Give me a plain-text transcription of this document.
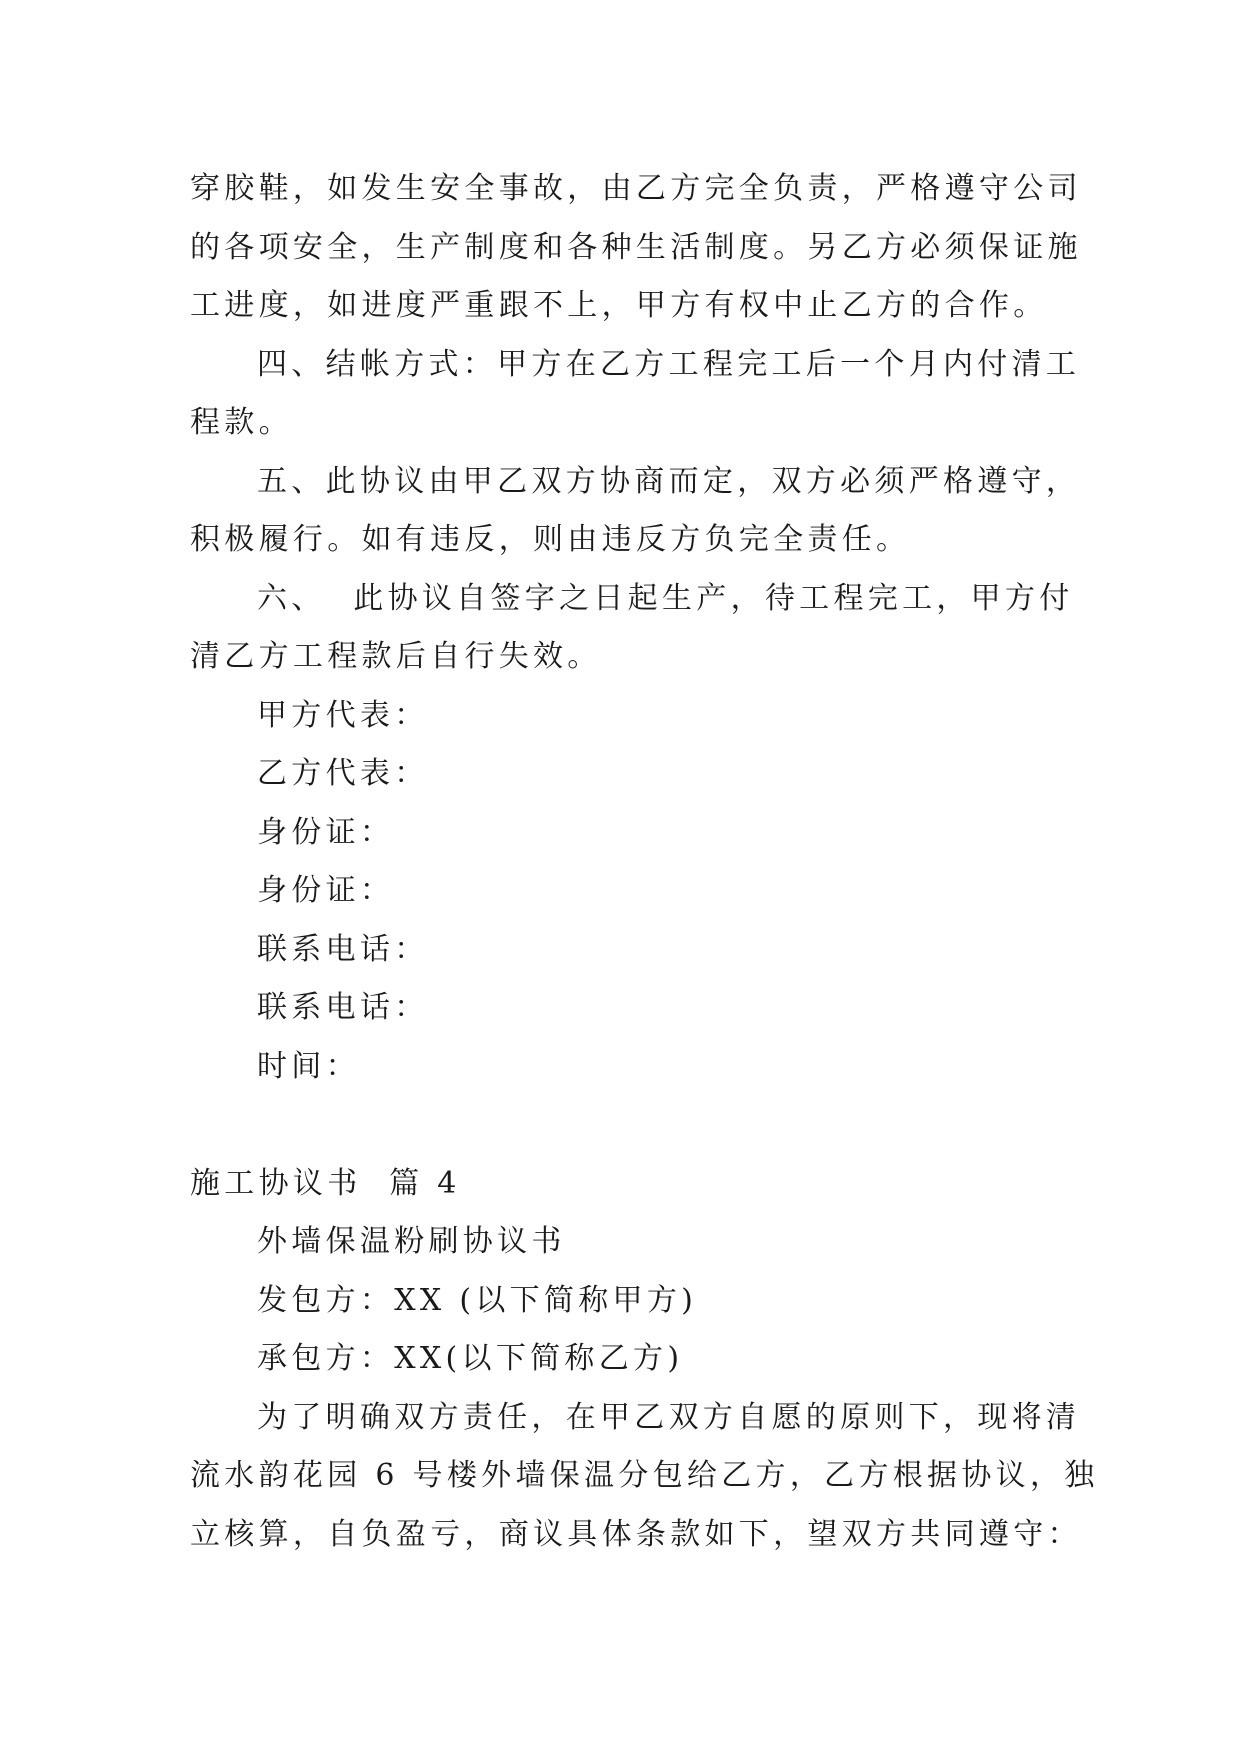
穿胶鞋，如发生安全事故，由乙方完全负责，严格遵守公司
的各项安全，生产制度和各种生活制度。另乙方必须保证施
工进度，如进度严重跟不上，甲方有权中止乙方的合作。
四、结帐方式：甲方在乙方工程完工后一个月内付清工
程款。
五、此协议由甲乙双方协商而定，双方必须严格遵守，
积极履行。如有违反，则由违反方负完全责任。
六、  此协议自签字之日起生产，待工程完工，甲方付
清乙方工程款后自行失效。
甲方代表：
乙方代表：
身份证：
身份证：
联系电话：
联系电话：
时间：
施工协议书  篇 4
外墙保温粉刷协议书
发包方：XX (以下简称甲方)
承包方：XX(以下简称乙方)
为了明确双方责任，在甲乙双方自愿的原则下，现将清
流水韵花园 6 号楼外墙保温分包给乙方，乙方根据协议，独
立核算，自负盈亏，商议具体条款如下，望双方共同遵守：
